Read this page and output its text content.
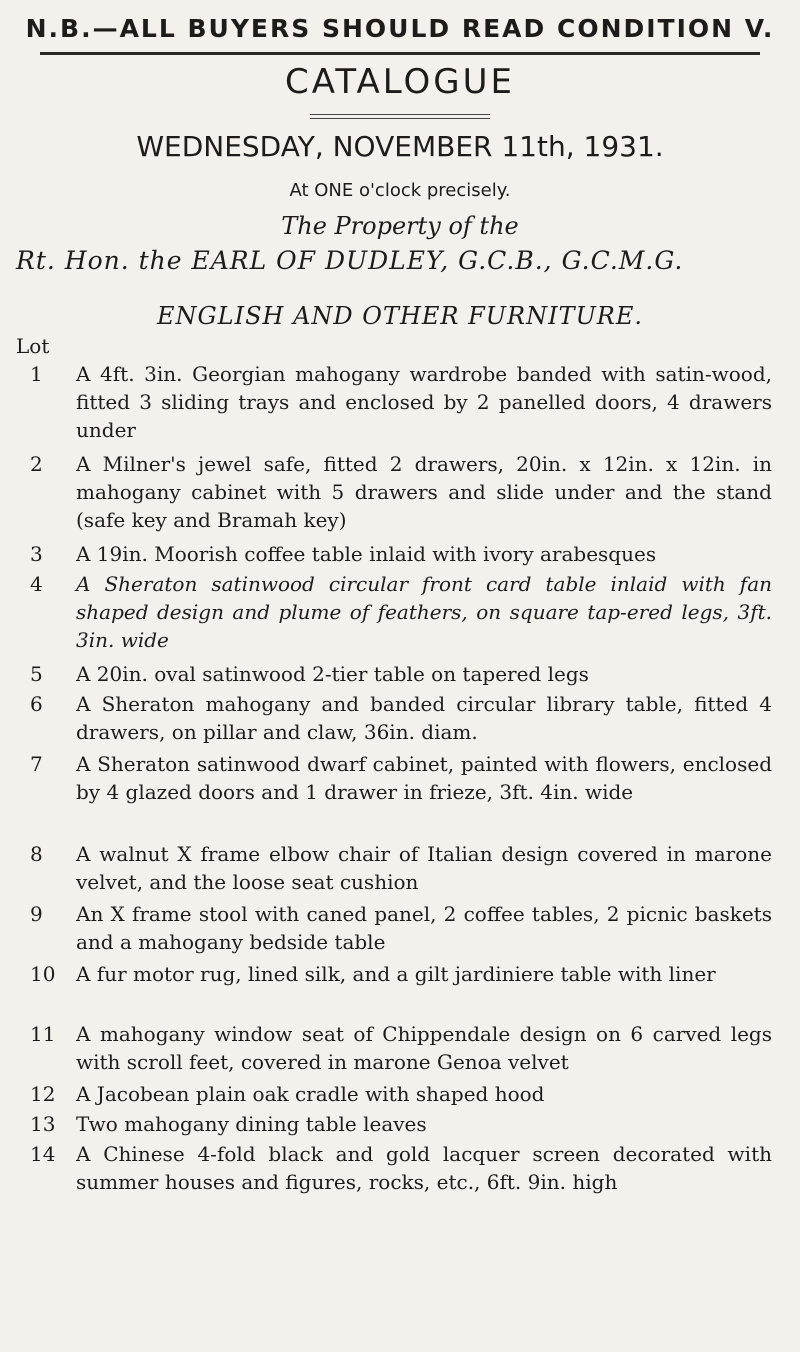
N.B.—ALL BUYERS SHOULD READ CONDITION V.
CATALOGUE
WEDNESDAY, NOVEMBER 11th, 1931.
At ONE o'clock precisely.
The Property of the
Rt. Hon. the EARL OF DUDLEY, G.C.B., G.C.M.G.
ENGLISH AND OTHER FURNITURE.
Lot
1	A 4ft. 3in. Georgian mahogany wardrobe banded with satin-wood, fitted 3 sliding trays and enclosed by 2 panelled doors, 4 drawers under
2	A Milner's jewel safe, fitted 2 drawers, 20in. x 12in. x 12in. in mahogany cabinet with 5 drawers and slide under and the stand (safe key and Bramah key)
3	A 19in. Moorish coffee table inlaid with ivory arabesques
4	A Sheraton satinwood circular front card table inlaid with fan shaped design and plume of feathers, on square tap-ered legs, 3ft. 3in. wide
5	A 20in. oval satinwood 2-tier table on tapered legs
6	A Sheraton mahogany and banded circular library table, fitted 4 drawers, on pillar and claw, 36in. diam.
7	A Sheraton satinwood dwarf cabinet, painted with flowers, enclosed by 4 glazed doors and 1 drawer in frieze, 3ft. 4in. wide
8	A walnut X frame elbow chair of Italian design covered in marone velvet, and the loose seat cushion
9	An X frame stool with caned panel, 2 coffee tables, 2 picnic baskets and a mahogany bedside table
10	A fur motor rug, lined silk, and a gilt jardiniere table with liner
11	A mahogany window seat of Chippendale design on 6 carved legs with scroll feet, covered in marone Genoa velvet
12	A Jacobean plain oak cradle with shaped hood
13	Two mahogany dining table leaves
14	A Chinese 4-fold black and gold lacquer screen decorated with summer houses and figures, rocks, etc., 6ft. 9in. high
